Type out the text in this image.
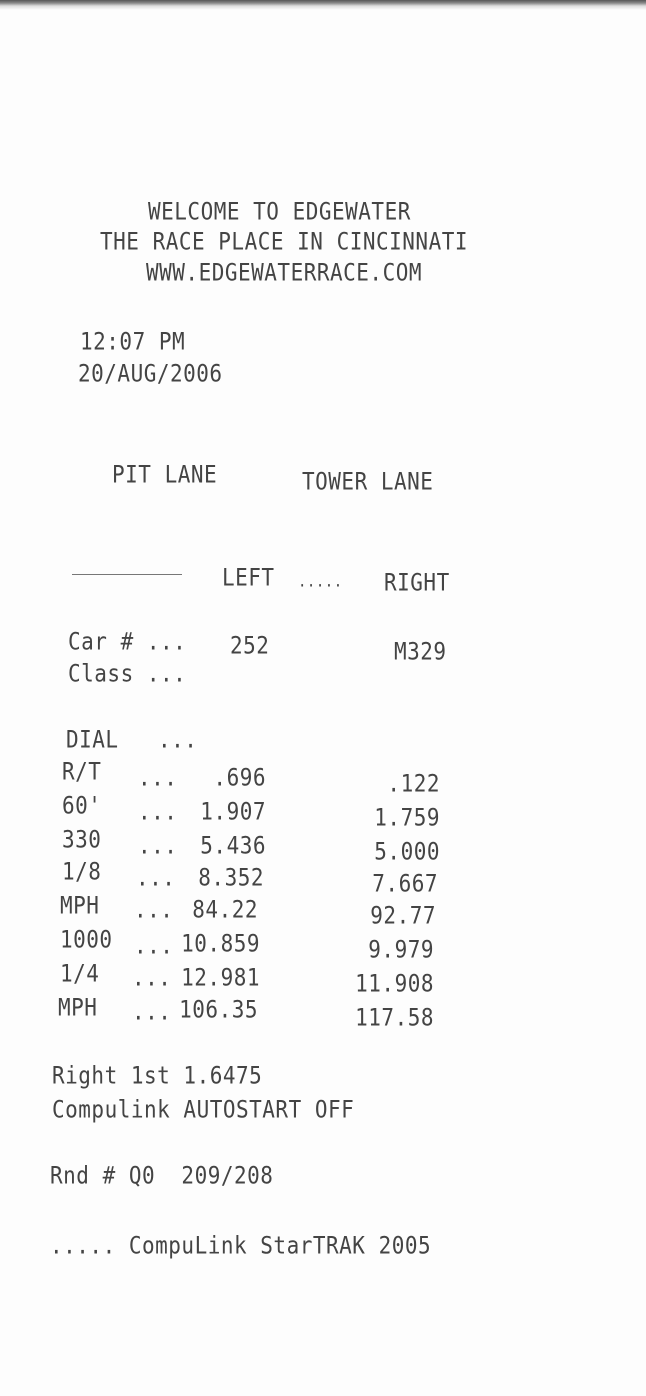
WELCOME TO EDGEWATER
THE RACE PLACE IN CINCINNATI
WWW.EDGEWATERRACE.COM
12:07 PM
20/AUG/2006
PIT LANE	TOWER LANE
LEFT ..... RIGHT
Car # ... 252	M329
Class ...
DIAL   ...
R/T ...	.696	.122
60' ...	1.907	1.759
330 ...	5.436	5.000
1/8 ...	8.352	7.667
MPH ... 84.22	92.77
1000 ... 10.859	9.979
1/4 ... 12.981	11.908
MPH ... 106.35	117.58
Right 1st 1.6475
Compulink AUTOSTART OFF
Rnd # Q0  209/208
..... CompuLink StarTRAK 2005
